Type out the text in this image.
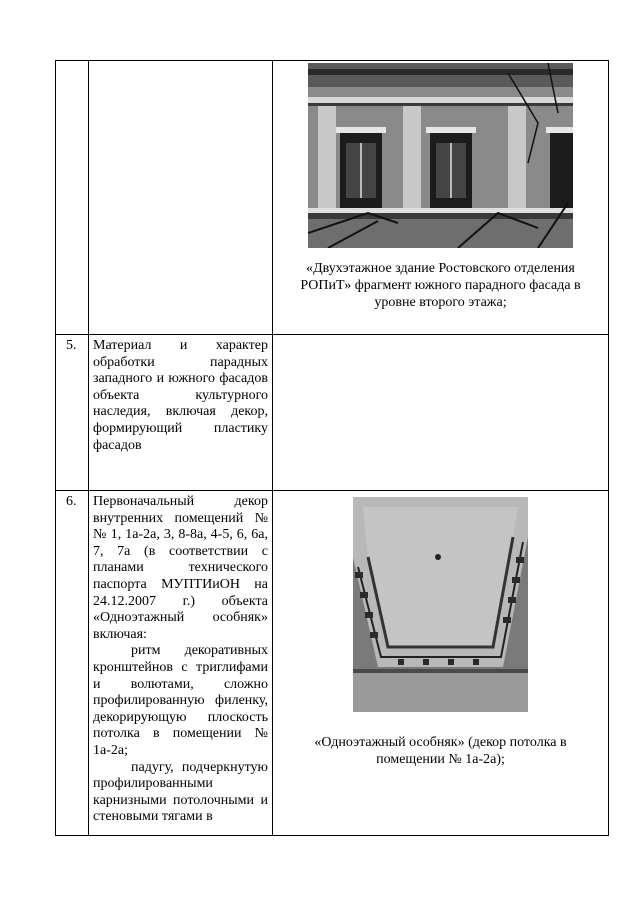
		«Двухэтажное здание Ростовского отделения РОПиТ» фрагмент южного парадного фасада в уровне второго этажа;

5.	Материал и характер обработки парадных западного и южного фасадов объекта культурного наследия, включая декор, формирующий пластику фасадов	

6.	Первоначальный декор внутренних помещений № № 1, 1а-2а, 3, 8-8а, 4-5, 6, 6а, 7, 7а (в соответствии с планами технического паспорта МУПТИиОН на 24.12.2007 г.) объекта «Одноэтажный особняк» включая:

ритм декоративных кронштейнов с триглифами и волютами, сложно профилированную филенку, декорирующую плоскость потолка в помещении № 1а-2а;

падугу, подчеркнутую профилированными карнизными потолочными и стеновыми тягами в	«Одноэтажный особняк» (декор потолка в помещении № 1а-2а);
